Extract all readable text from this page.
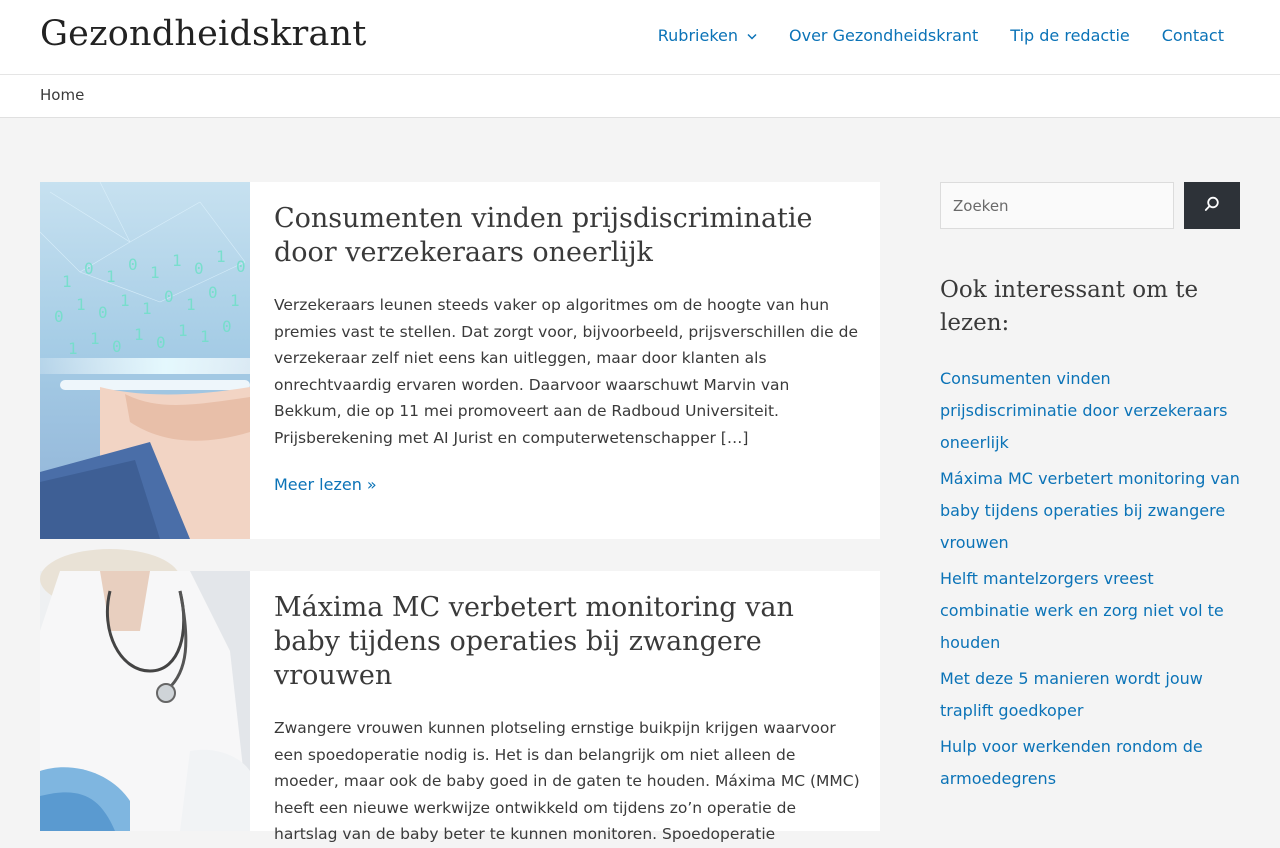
Gezondheidskrant	Rubrieken	Over Gezondheidskrant Tip de redactie Contact
Home
1
0 1
0 1
1 0
1
0
0
1 0
1 1
0 1
0 1
1
1 0
1 0
1 1
0
Consumenten vinden prijsdiscriminatie door verzekeraars oneerlijk

Verzekeraars leunen steeds vaker op algoritmes om de hoogte van hun premies vast te stellen. Dat zorgt voor, bijvoorbeeld, prijsverschillen die de verzekeraar zelf niet eens kan uitleggen, maar door klanten als onrechtvaardig ervaren worden. Daarvoor waarschuwt Marvin van Bekkum, die op 11 mei promoveert aan de Radboud Universiteit. Prijsberekening met AI Jurist en computerwetenschapper […]

Meer lezen »
Máxima MC verbetert monitoring van baby tijdens operaties bij zwangere vrouwen

Zwangere vrouwen kunnen plotseling ernstige buikpijn krijgen waarvoor een spoedoperatie nodig is. Het is dan belangrijk om niet alleen de moeder, maar ook de baby goed in de gaten te houden. Máxima MC (MMC) heeft een nieuwe werkwijze ontwikkeld om tijdens zo’n operatie de hartslag van de baby beter te kunnen monitoren. Spoedoperatie

Zoeken
Ook interessant om te lezen:
Consumenten vinden prijsdiscriminatie door verzekeraars oneerlijk
Máxima MC verbetert monitoring van baby tijdens operaties bij zwangere vrouwen
Helft mantelzorgers vreest combinatie werk en zorg niet vol te houden
Met deze 5 manieren wordt jouw traplift goedkoper
Hulp voor werkenden rondom de armoedegrens
